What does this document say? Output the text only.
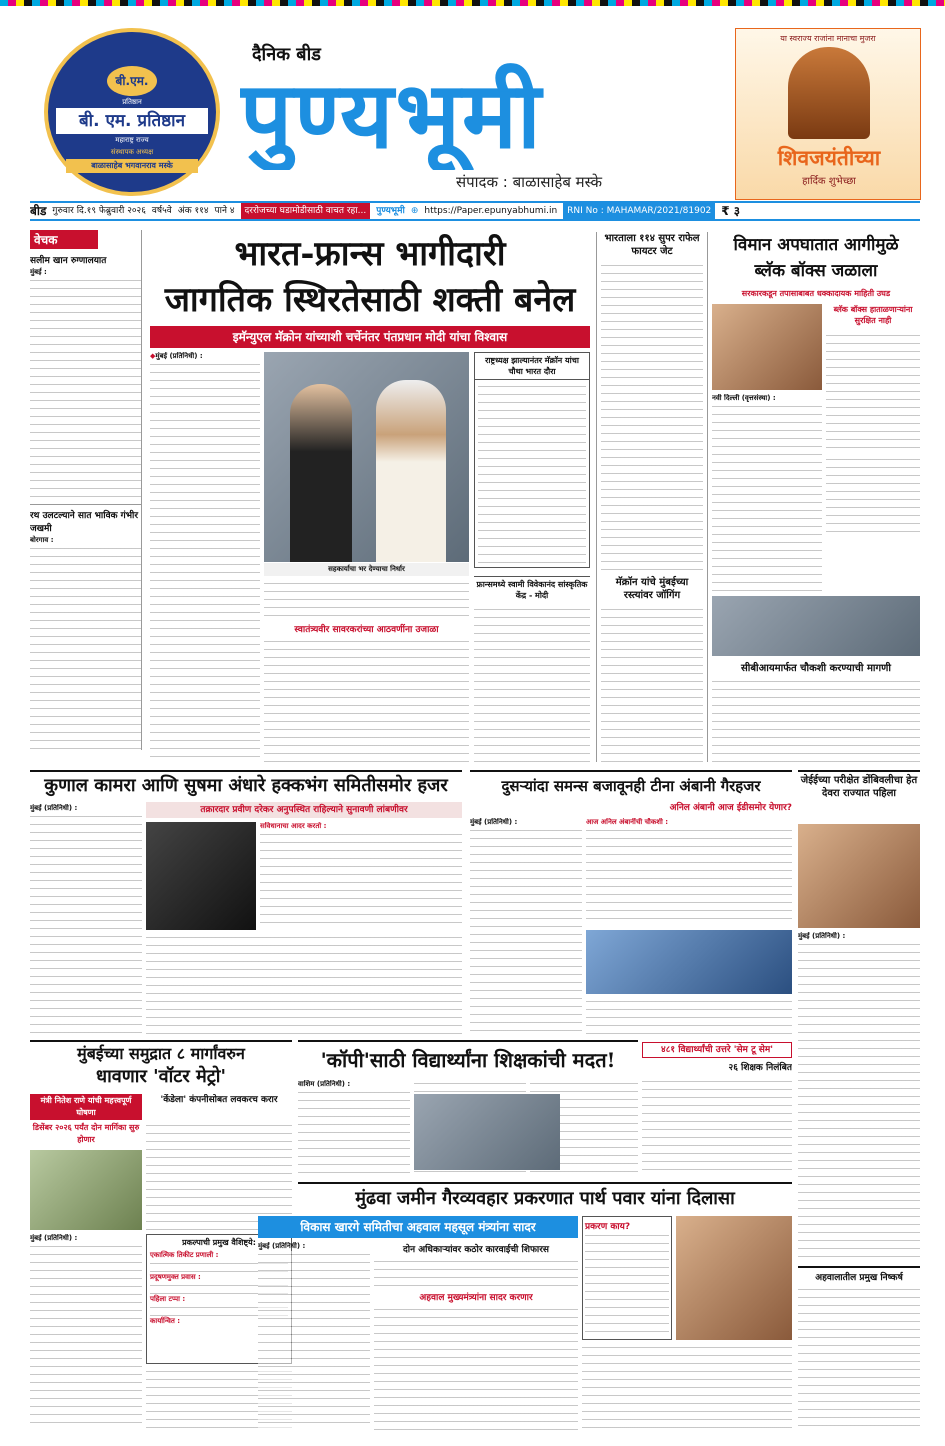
बी.एम.
प्रतिष्ठान
बी. एम. प्रतिष्ठान
महाराष्ट्र राज्य
संस्थापक अध्यक्ष
बाळासाहेब भगवानराव मस्के
दैनिक बीड
पुण्यभूमी
संपादक : बाळासाहेब मस्के
या स्वराज्य राजांना मानाचा मुजरा
शिवजयंतीच्या
हार्दिक शुभेच्छा
बीड गुरुवार दि.१९ फेब्रुवारी २०२६ वर्ष५वे अंक ११४ पाने ४	दररोजच्या घडामोडीसाठी वाचत रहा...	पुण्यभूमी ⊕ https://Paper.epunyabhumi.in	RNI No : MAHAMAR/2021/81902 ₹ ३
वेचक
सलीम खान रुग्णालयात
मुंबई :
रथ उलटल्याने सात भाविक गंभीर जखमी
बोरगाव :
भारत-फ्रान्स भागीदारी
जागतिक स्थिरतेसाठी शक्ती बनेल
इमॅन्युएल मॅक्रोन यांच्याशी चर्चेनंतर पंतप्रधान मोदी यांचा विश्वास
◆मुंबई (प्रतिनिधी) :
सहकार्याचा भर देण्याचा निर्धार
राष्ट्रध्यक्ष झाल्यानंतर मॅक्रॉन यांचा चौथा भारत दौरा
स्वातंत्र्यवीर सावरकरांच्या आठवणींना उजाळा
फ्रान्समध्ये स्वामी विवेकानंद सांस्कृतिक केंद्र - मोदी
भारताला ११४ सुपर राफेल फायटर जेट
मॅक्रॉन यांचे मुंबईच्या रस्त्यांवर जॉगिंग
विमान अपघातात आगीमुळे
ब्लॅक बॉक्स जळाला
सरकारकडून तपासाबाबत धक्कादायक माहिती उघड
ब्लॅक बॉक्स हाताळणाऱ्यांना सुरक्षित नाही
नवी दिल्ली (वृत्तसंस्था) :
सीबीआयमार्फत चौकशी करण्याची मागणी
कुणाल कामरा आणि सुषमा अंधारे हक्कभंग समितीसमोर हजर
मुंबई (प्रतिनिधी) :	तक्रारदार प्रवीण दरेकर अनुपस्थित राहिल्याने सुनावणी लांबणीवर
सविधानाचा आदर करतो :
दुसऱ्यांदा समन्स बजावूनही टीना अंबानी गैरहजर
अनिल अंबानी आज ईडीसमोर येणार?
मुंबई (प्रतिनिधी) :	आज अनिल अंबानींची चौकशी :
जेईईच्या परीक्षेत डोंबिवलीचा हेत देवरा राज्यात पहिला
मुंबई (प्रतिनिधी) :
मुंबईच्या समुद्रात ८ मार्गांवरुन
धावणार 'वॉटर मेट्रो'
मंत्री नितेश राणे यांची महत्त्वपूर्ण घोषणा
डिसेंबर २०२६ पर्यंत दोन मार्गिका सुरु होणार
मुंबई (प्रतिनिधी) :
'केंडेला' कंपनीसोबत लवकरच करार
प्रकल्पाची प्रमुख वैशिष्ट्ये:
एकात्मिक तिकीट प्रणाली :
प्रदूषणमुक्त प्रवास :
पहिला टप्पा :
कार्यान्वित :
'कॉपी'साठी विद्यार्थ्यांना शिक्षकांची मदत!	४८१ विद्यार्थ्यांची उत्तरे 'सेम टू सेम'
२६ शिक्षक निलंबित
वाशिम (प्रतिनिधी) :
मुंढवा जमीन गैरव्यवहार प्रकरणात पार्थ पवार यांना दिलासा
विकास खारगे समितीचा अहवाल महसूल मंत्र्यांना सादर
मुंबई (प्रतिनिधी) :	दोन अधिकाऱ्यांवर कठोर कारवाईची शिफारस
अहवाल मुख्यमंत्र्यांना सादर करणार
प्रकरण काय?
अहवालातील प्रमुख निष्कर्ष
